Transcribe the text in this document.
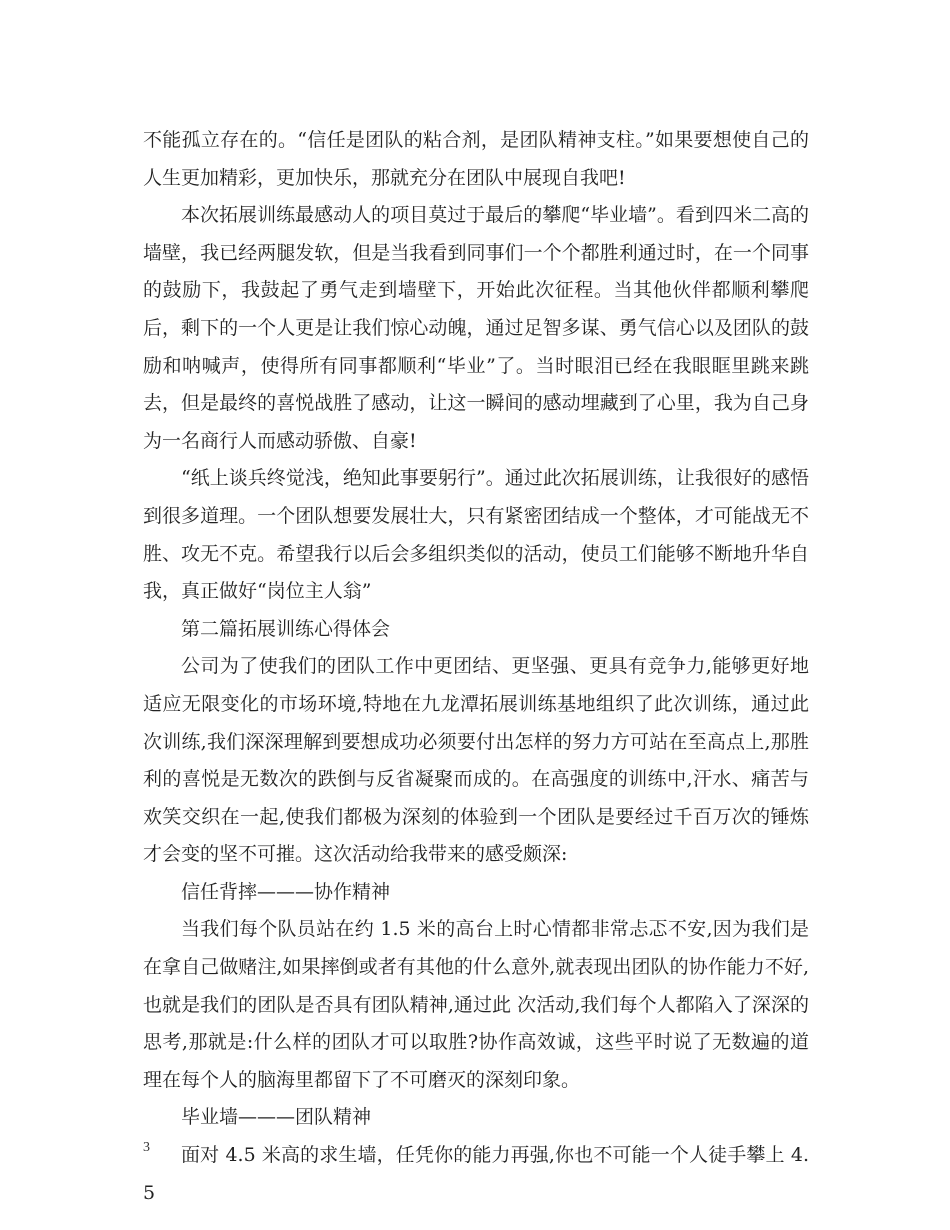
不能孤立存在的。“信任是团队的粘合剂，是团队精神支柱。”如果要想使自己的人生更加精彩，更加快乐，那就充分在团队中展现自我吧!

本次拓展训练最感动人的项目莫过于最后的攀爬“毕业墙”。看到四米二高的墙壁，我已经两腿发软，但是当我看到同事们一个个都胜利通过时，在一个同事的鼓励下，我鼓起了勇气走到墙壁下，开始此次征程。当其他伙伴都顺利攀爬后，剩下的一个人更是让我们惊心动魄，通过足智多谋、勇气信心以及团队的鼓励和呐喊声，使得所有同事都顺利“毕业”了。当时眼泪已经在我眼眶里跳来跳去，但是最终的喜悦战胜了感动，让这一瞬间的感动埋藏到了心里，我为自己身为一名商行人而感动骄傲、自豪!

“纸上谈兵终觉浅，绝知此事要躬行”。通过此次拓展训练，让我很好的感悟到很多道理。一个团队想要发展壮大，只有紧密团结成一个整体，才可能战无不胜、攻无不克。希望我行以后会多组织类似的活动，使员工们能够不断地升华自我，真正做好“岗位主人翁”

第二篇拓展训练心得体会

公司为了使我们的团队工作中更团结、更坚强、更具有竞争力,能够更好地适应无限变化的市场环境,特地在九龙潭拓展训练基地组织了此次训练，通过此次训练,我们深深理解到要想成功必须要付出怎样的努力方可站在至高点上,那胜利的喜悦是无数次的跌倒与反省凝聚而成的。在高强度的训练中,汗水、痛苦与欢笑交织在一起,使我们都极为深刻的体验到一个团队是要经过千百万次的锤炼才会变的坚不可摧。这次活动给我带来的感受颇深:

信任背摔———协作精神

当我们每个队员站在约 1.5 米的高台上时心情都非常忐忑不安,因为我们是在拿自己做赌注,如果摔倒或者有其他的什么意外,就表现出团队的协作能力不好,也就是我们的团队是否具有团队精神,通过此 次活动,我们每个人都陷入了深深的思考,那就是:什么样的团队才可以取胜?协作高效诚，这些平时说了无数遍的道理在每个人的脑海里都留下了不可磨灭的深刻印象。

毕业墙———团队精神

面对 4.5 米高的求生墙，任凭你的能力再强,你也不可能一个人徒手攀上 4.5

3
